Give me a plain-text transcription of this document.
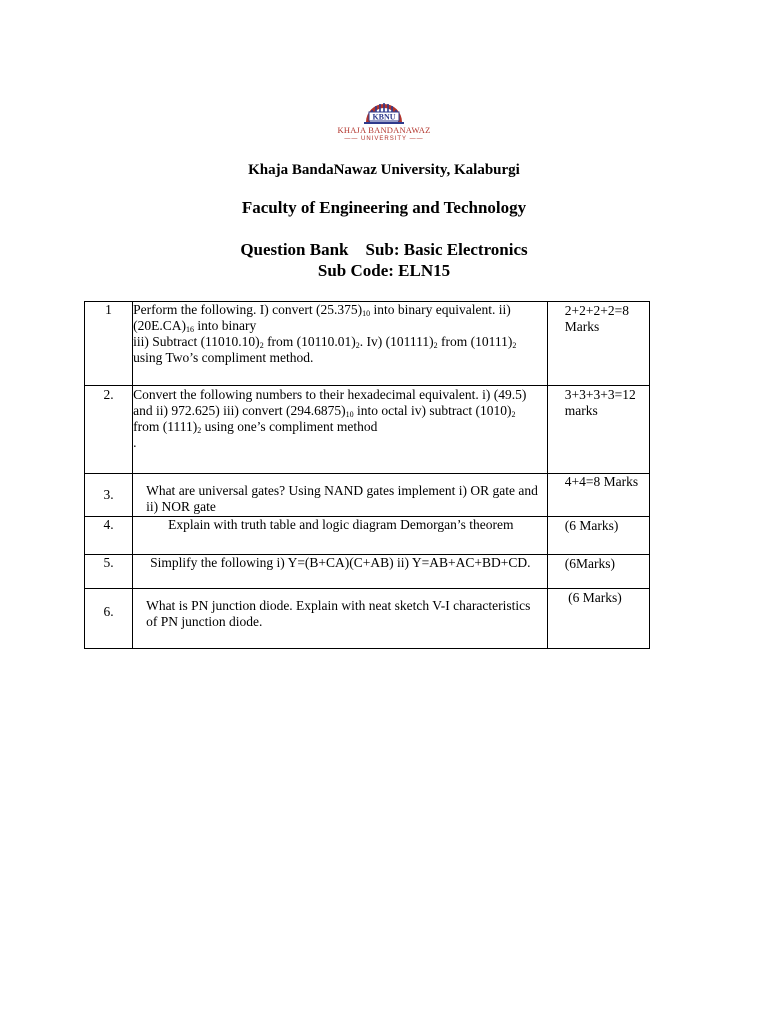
KBNU
KHAJA BANDANAWAZ
—— UNIVERSITY ——
Khaja BandaNawaz University, Kalaburgi
Faculty of Engineering and Technology
Question Bank    Sub: Basic Electronics
Sub Code: ELN15
1	Perform the following. I) convert $(25.375)_{10}$ into binary equivalent. ii) $(20E.CA)_{16}$ into binary
iii) Subtract $(11010.10)_2$ from $(10110.01)_2$. Iv) $(101111)_2$ from $(10111)_2$
using Two’s compliment method.	2+2+2+2=8 Marks
2.	Convert the following numbers to their hexadecimal equivalent. i) (49.5) and ii) 972.625) iii) convert $(294.6875)_{10}$ into octal iv) subtract $(1010)_2$
from $(1111)_2$ using one’s compliment method
.	3+3+3+3=12 marks
3.	What are universal gates? Using NAND gates implement i) OR gate and
ii) NOR gate	4+4=8 Marks
4.	Explain with truth table and logic diagram Demorgan’s theorem	(6 Marks)
5.	Simplify the following i) Y=(B+CA)(C+AB) ii) Y=AB+AC+BD+CD.	(6Marks)
6.	What is PN junction diode. Explain with neat sketch V-I characteristics
of PN junction diode.	(6 Marks)
